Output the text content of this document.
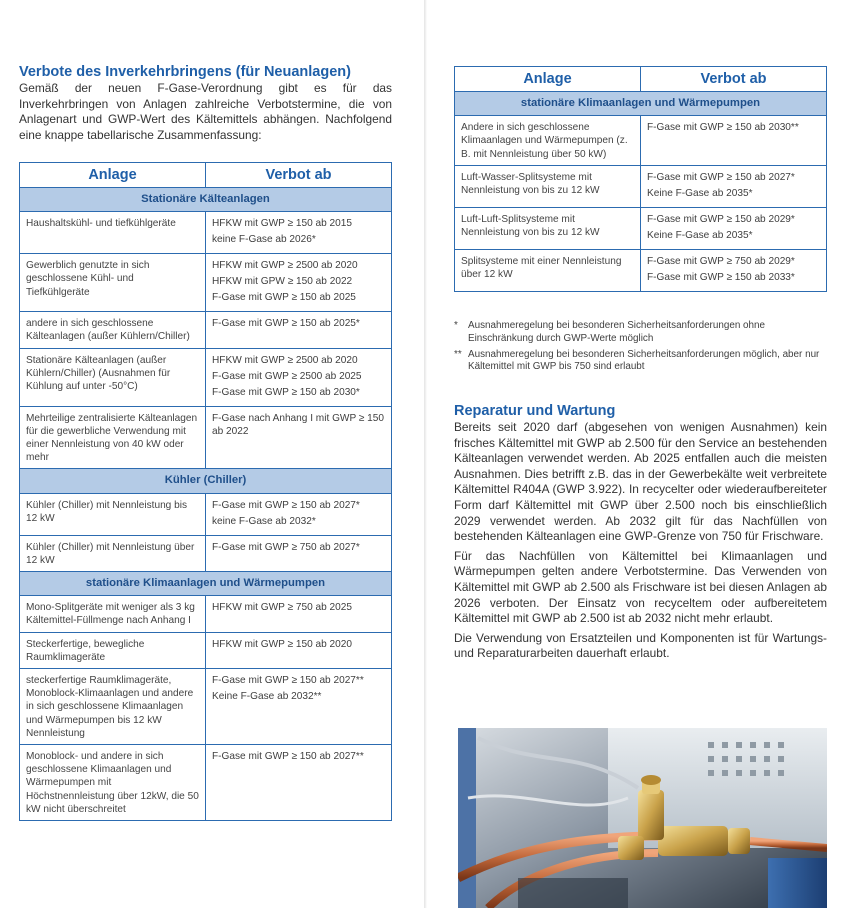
Verbote des Inverkehrbringens (für Neuanlagen)

Gemäß der neuen F-Gase-Verordnung gibt es für das Inverkehrbringen von Anlagen zahlreiche Verbotstermine, die von Anlagenart und GWP-Wert des Kältemittels abhängen. Nachfolgend eine knappe tabellarische Zusammenfassung:

Anlage	Verbot ab
Stationäre Kälteanlagen	
Haushaltskühl- und tiefkühlgeräte	HFKW mit GWP ≥ 150 ab 2015
keine F-Gase ab 2026*

Gewerblich genutzte in sich geschlossene Kühl- und Tiefkühlgeräte	HFKW mit GWP ≥ 2500 ab 2020
HFKW mit GPW ≥ 150 ab 2022
F-Gase mit GWP ≥ 150 ab 2025

andere in sich geschlossene Kälteanlagen (außer Kühlern/Chiller)	F-Gase mit GWP ≥ 150 ab 2025*

Stationäre Kälteanlagen (außer Kühlern/Chiller) (Ausnahmen für Kühlung auf unter -50°C)	HFKW mit GWP ≥ 2500 ab 2020
F-Gase mit GWP ≥ 2500 ab 2025
F-Gase mit GWP ≥ 150 ab 2030*

Mehrteilige zentralisierte Kälteanlagen für die gewerbliche Verwendung mit einer Nennleistung von 40 kW oder mehr	F-Gase nach Anhang I mit GWP ≥ 150 ab 2022

Kühler (Chiller)	
Kühler (Chiller) mit Nennleistung bis 12 kW	F-Gase mit GWP ≥ 150 ab 2027*
keine F-Gase ab 2032*

Kühler (Chiller) mit Nennleistung über 12 kW	F-Gase mit GWP ≥ 750 ab 2027*

stationäre Klimaanlagen und Wärmepumpen	
Mono-Splitgeräte mit weniger als 3 kg Kältemittel-Füllmenge nach Anhang I	HFKW mit GWP ≥ 750 ab 2025

Steckerfertige, bewegliche Raumklimageräte	HFKW mit GWP ≥ 150 ab 2020

steckerfertige Raumklimageräte, Monoblock-Klimaanlagen und andere in sich geschlossene Klimaanlagen und Wärmepumpen bis 12 kW Nennleistung	F-Gase mit GWP ≥ 150 ab 2027**
Keine F-Gase ab 2032**

Monoblock- und andere in sich geschlossene Klimaanlagen und Wärmepumpen mit Höchstnennleistung über 12kW, die 50 kW nicht überschreitet	F-Gase mit GWP ≥ 150 ab 2027**
Anlage	Verbot ab
stationäre Klimaanlagen und Wärmepumpen	
Andere in sich geschlossene Klimaanlagen und Wärmepumpen (z. B. mit Nennleistung über 50 kW)	F-Gase mit GWP ≥ 150 ab 2030**

Luft-Wasser-Splitsysteme mit Nennleistung von bis zu 12 kW	F-Gase mit GWP ≥ 150 ab 2027*
Keine F-Gase ab 2035*

Luft-Luft-Splitsysteme mit Nennleistung von bis zu 12 kW	F-Gase mit GWP ≥ 150 ab 2029*
Keine F-Gase ab 2035*

Splitsysteme mit einer Nennleistung über 12 kW	F-Gase mit GWP ≥ 750 ab 2029*
F-Gase mit GWP ≥ 150 ab 2033*
*	Ausnahmeregelung bei besonderen Sicherheitsanforderungen ohne Einschränkung durch GWP-Werte möglich
** Ausnahmeregelung bei besonderen Sicherheitsanforderungen möglich, aber nur Kältemittel mit GWP bis 750 sind erlaubt
Reparatur und Wartung

Bereits seit 2020 darf (abgesehen von wenigen Ausnahmen) kein frisches Kältemittel mit GWP ab 2.500 für den Service an bestehenden Kälteanlagen verwendet werden. Ab 2025 entfallen auch die meisten Ausnahmen. Dies betrifft z.B. das in der Gewerbekälte weit verbreitete Kältemittel R404A (GWP 3.922). In recycelter oder wiederaufbereiteter Form darf Kältemittel mit GWP über 2.500 noch bis einschließlich 2029 verwendet werden. Ab 2032 gilt für das Nachfüllen von bestehenden Kälteanlagen eine GWP-Grenze von 750 für Frischware.

Für das Nachfüllen von Kältemittel bei Klimaanlagen und Wärmepumpen gelten andere Verbotstermine. Das Verwenden von Kältemittel mit GWP ab 2.500 als Frischware ist bei diesen Anlagen ab 2026 verboten. Der Einsatz von recyceltem oder aufbereitetem Kältemittel mit GWP ab 2.500 ist ab 2032 nicht mehr erlaubt.

Die Verwendung von Ersatzteilen und Komponenten ist für Wartungs- und Reparaturarbeiten dauerhaft erlaubt.
